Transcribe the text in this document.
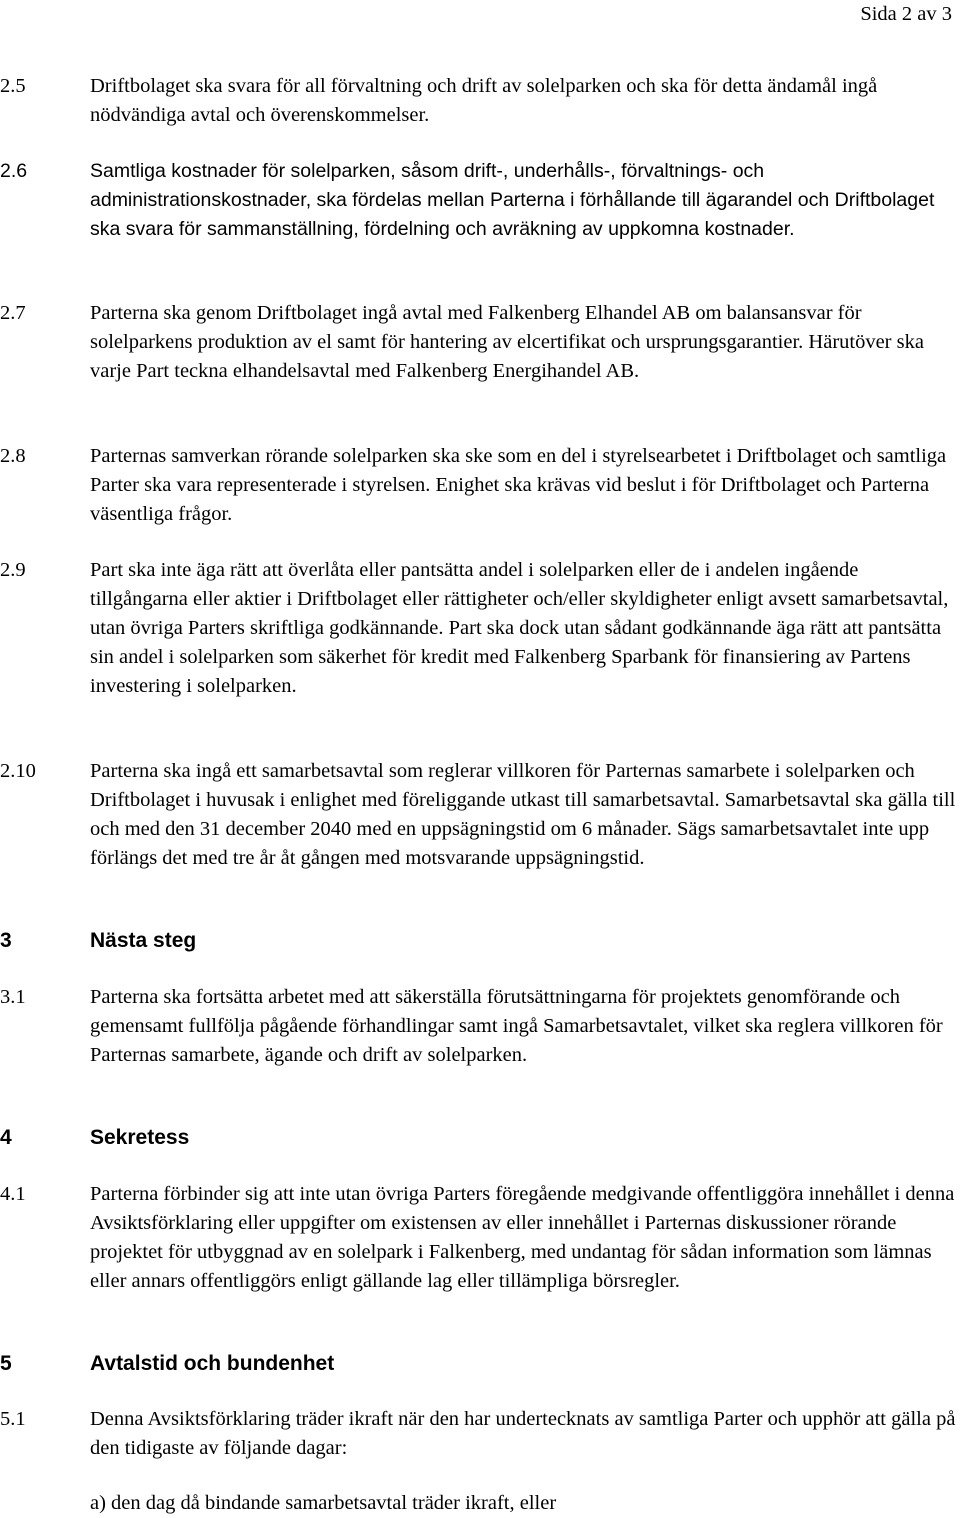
Sida 2 av 3
2.5	Driftbolaget ska svara för all förvaltning och drift av solelparken och ska för detta ändamål ingå nödvändiga avtal och överenskommelser.
2.6	Samtliga kostnader för solelparken, såsom drift-, underhålls-, förvaltnings- och administrationskostnader, ska fördelas mellan Parterna i förhållande till ägarandel och Driftbolaget ska svara för sammanställning, fördelning och avräkning av uppkomna kostnader.
2.7	Parterna ska genom Driftbolaget ingå avtal med Falkenberg Elhandel AB om balansansvar för solelparkens produktion av el samt för hantering av elcertifikat och ursprungsgarantier. Härutöver ska varje Part teckna elhandelsavtal med Falkenberg Energihandel AB.
2.8	Parternas samverkan rörande solelparken ska ske som en del i styrelsearbetet i Driftbolaget och samtliga Parter ska vara representerade i styrelsen. Enighet ska krävas vid beslut i för Driftbolaget och Parterna väsentliga frågor.
2.9	Part ska inte äga rätt att överlåta eller pantsätta andel i solelparken eller de i andelen ingående tillgångarna eller aktier i Driftbolaget eller rättigheter och/eller skyldigheter enligt avsett samarbetsavtal, utan övriga Parters skriftliga godkännande. Part ska dock utan sådant godkännande äga rätt att pantsätta sin andel i solelparken som säkerhet för kredit med Falkenberg Sparbank för finansiering av Partens investering i solelparken.
2.10	Parterna ska ingå ett samarbetsavtal som reglerar villkoren för Parternas samarbete i solelparken och Driftbolaget i huvusak i enlighet med föreliggande utkast till samarbetsavtal. Samarbetsavtal ska gälla till och med den 31 december 2040 med en uppsägningstid om 6 månader. Sägs samarbetsavtalet inte upp förlängs det med tre år åt gången med motsvarande uppsägningstid.
3	Nästa steg
3.1	Parterna ska fortsätta arbetet med att säkerställa förutsättningarna för projektets genomförande och gemensamt fullfölja pågående förhandlingar samt ingå Samarbetsavtalet, vilket ska reglera villkoren för Parternas samarbete, ägande och drift av solelparken.
4	Sekretess
4.1	Parterna förbinder sig att inte utan övriga Parters föregående medgivande offentliggöra innehållet i denna Avsiktsförklaring eller uppgifter om existensen av eller innehållet i Parternas diskussioner rörande projektet för utbyggnad av en solelpark i Falkenberg, med undantag för sådan information som lämnas eller annars offentliggörs enligt gällande lag eller tillämpliga börsregler.
5	Avtalstid och bundenhet
5.1	Denna Avsiktsförklaring träder ikraft när den har undertecknats av samtliga Parter och upphör att gälla på den tidigaste av följande dagar:
a) den dag då bindande samarbetsavtal träder ikraft, eller
